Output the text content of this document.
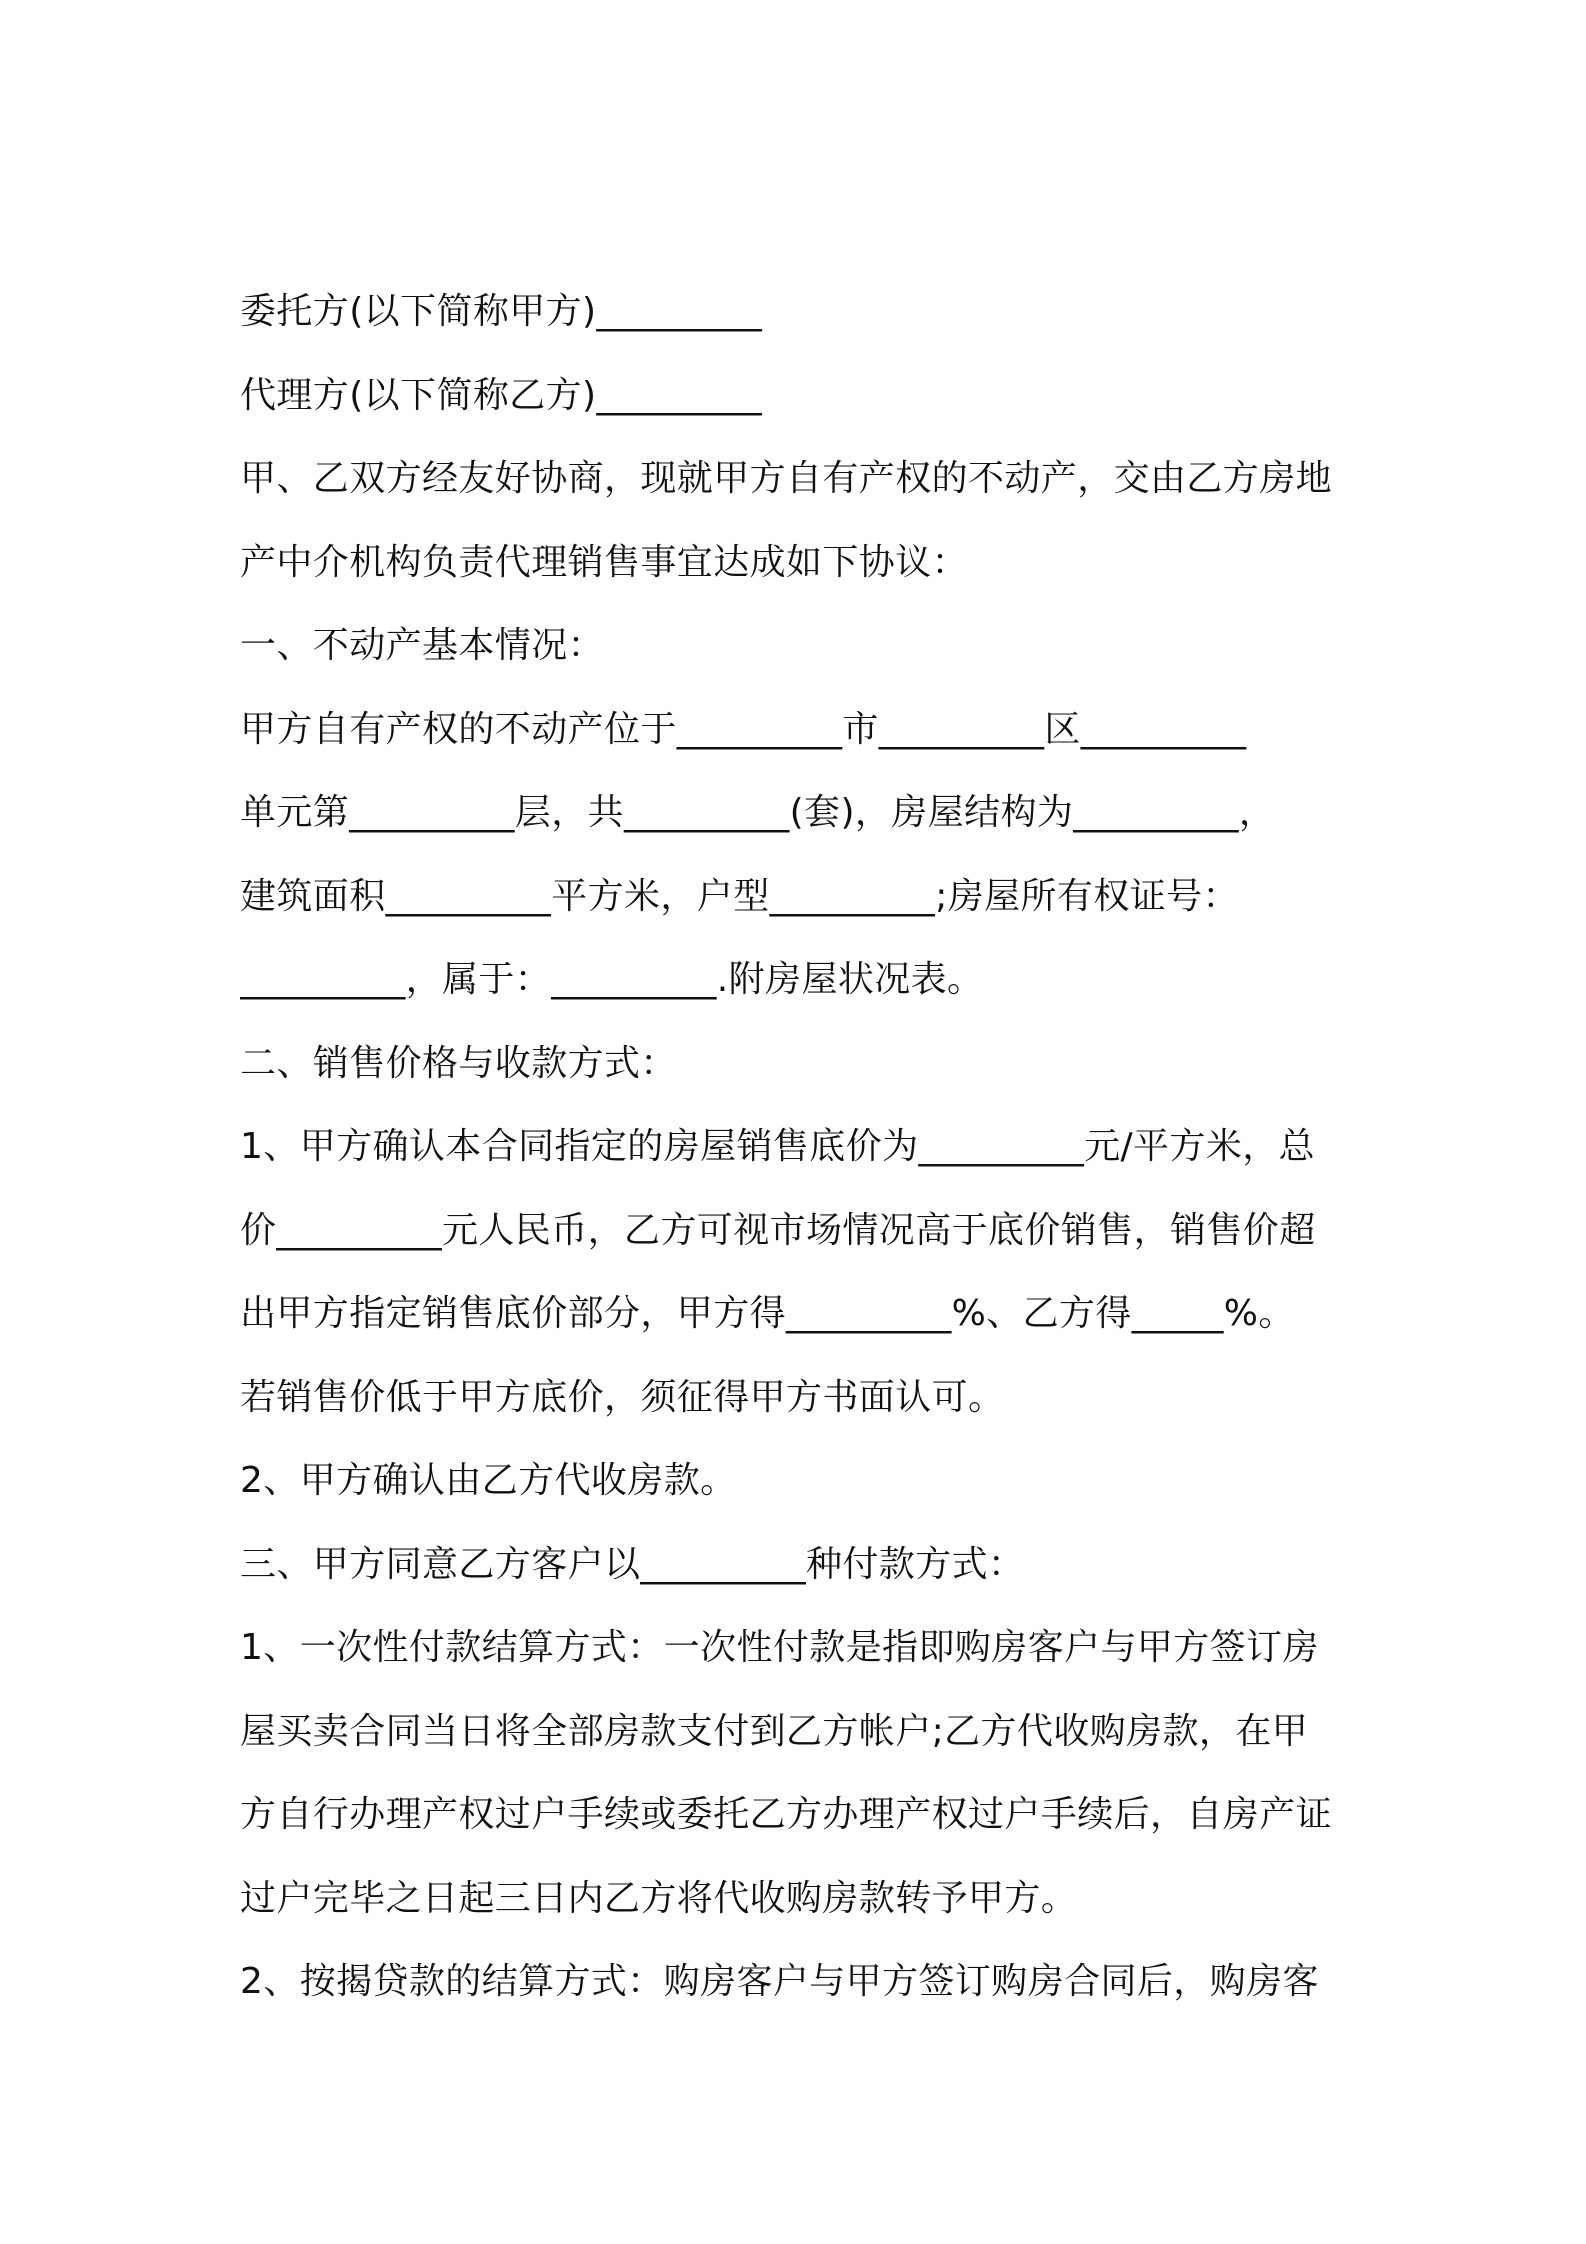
委托方(以下简称甲方)_________
代理方(以下简称乙方)_________
甲、乙双方经友好协商，现就甲方自有产权的不动产，交由乙方房地
产中介机构负责代理销售事宜达成如下协议：
一、不动产基本情况：
甲方自有产权的不动产位于_________市_________区_________
单元第_________层，共_________(套)，房屋结构为_________，
建筑面积_________平方米，户型_________;房屋所有权证号：
_________，属于：_________.附房屋状况表。
二、销售价格与收款方式：
1、甲方确认本合同指定的房屋销售底价为_________元/平方米，总
价_________元人民币，乙方可视市场情况高于底价销售，销售价超
出甲方指定销售底价部分，甲方得_________%、乙方得_____%。
若销售价低于甲方底价，须征得甲方书面认可。
2、甲方确认由乙方代收房款。
三、甲方同意乙方客户以_________种付款方式：
1、一次性付款结算方式：一次性付款是指即购房客户与甲方签订房
屋买卖合同当日将全部房款支付到乙方帐户;乙方代收购房款，在甲
方自行办理产权过户手续或委托乙方办理产权过户手续后，自房产证
过户完毕之日起三日内乙方将代收购房款转予甲方。
2、按揭贷款的结算方式：购房客户与甲方签订购房合同后，购房客
